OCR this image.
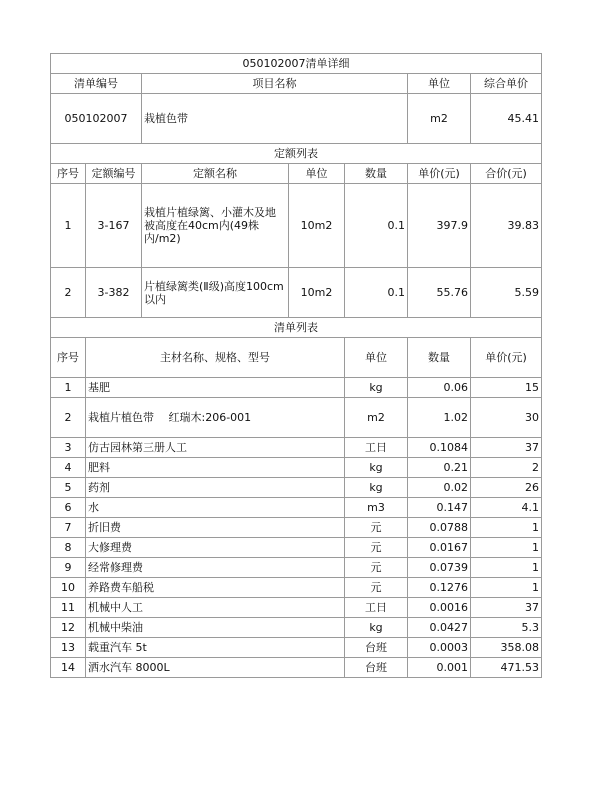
050102007清单详细							
清单编号		项目名称			单位	综合单价	
050102007		栽植色带			m2	45.41	
定额列表							
序号	定额编号	定额名称	单位	数量	单价(元)	合价(元)	
1	3-167	栽植片植绿篱、小灌木及地被高度在40cm内(49株内/m2)	10m2	0.1	397.9	39.83	
2	3-382	片植绿篱类(Ⅱ级)高度100cm以内	10m2	0.1	55.76	5.59	
清单列表							
序号	主材名称、规格、型号			单位	数量	单价(元)	
1	基肥			kg	0.06	15	
2	栽植片植色带　 红瑞木:206-001			m2	1.02	30	
3	仿古园林第三册人工			工日	0.1084	37	
4	肥料			kg	0.21	2	
5	药剂			kg	0.02	26	
6	水			m3	0.147	4.1	
7	折旧费			元	0.0788	1	
8	大修理费			元	0.0167	1	
9	经常修理费			元	0.0739	1	
10	养路费车船税			元	0.1276	1	
11	机械中人工			工日	0.0016	37	
12	机械中柴油			kg	0.0427	5.3	
13	载重汽车 5t			台班	0.0003	358.08	
14	洒水汽车 8000L			台班	0.001	471.53	
